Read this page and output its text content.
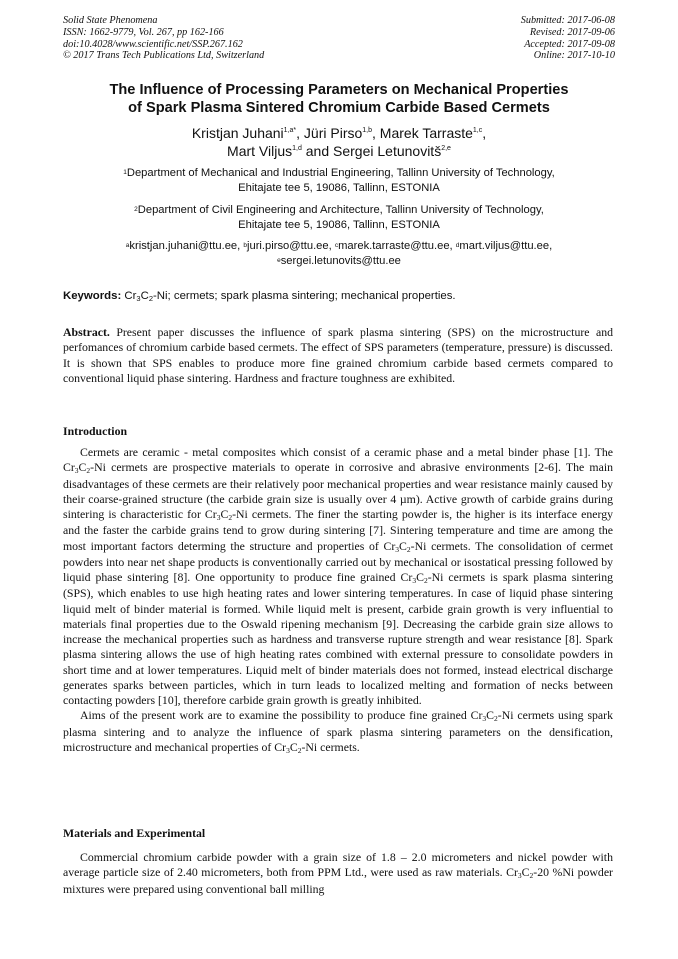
Solid State Phenomena
ISSN: 1662-9779, Vol. 267, pp 162-166
doi:10.4028/www.scientific.net/SSP.267.162
© 2017 Trans Tech Publications Ltd, Switzerland
Submitted: 2017-06-08
Revised: 2017-09-06
Accepted: 2017-09-08
Online: 2017-10-10
The Influence of Processing Parameters on Mechanical Properties
of Spark Plasma Sintered Chromium Carbide Based Cermets
Kristjan Juhani$^{1,a*}$, Jüri Pirso$^{1,b}$, Marek Tarraste$^{1,c}$,
Mart Viljus$^{1,d}$ and Sergei Letunovitš$^{2,e}$
$^1$Department of Mechanical and Industrial Engineering, Tallinn University of Technology,
Ehitajate tee 5, 19086, Tallinn, ESTONIA
$^2$Department of Civil Engineering and Architecture, Tallinn University of Technology,
Ehitajate tee 5, 19086, Tallinn, ESTONIA
$^a$kristjan.juhani@ttu.ee, $^b$juri.pirso@ttu.ee, $^c$marek.tarraste@ttu.ee, $^d$mart.viljus@ttu.ee,
$^e$sergei.letunovits@ttu.ee
Keywords: $Cr_3C_2-Ni$; cermets; spark plasma sintering; mechanical properties.

Abstract. Present paper discusses the influence of spark plasma sintering (SPS) on the microstructure and perfomances of chromium carbide based cermets. The effect of SPS parameters (temperature, pressure) is discussed. It is shown that SPS enables to produce more fine grained chromium carbide based cermets compared to conventional liquid phase sintering. Hardness and fracture toughness are exhibited.

Introduction

Cermets are ceramic - metal composites which consist of a ceramic phase and a metal binder phase [1]. The $Cr_3C_2-Ni$ cermets are prospective materials to operate in corrosive and abrasive environments [2-6]. The main disadvantages of these cermets are their relatively poor mechanical properties and wear resistance mainly caused by their coarse-grained structure (the carbide grain size is usually over 4 µm). Active growth of carbide grains during sintering is characteristic for $Cr_3C_2-Ni$ cermets. The finer the starting powder is, the higher is its interface energy and the faster the carbide grains tend to grow during sintering [7]. Sintering temperature and time are among the most important factors determing the structure and properties of $Cr_3C_2-Ni$ cermets. The consolidation of cermet powders into near net shape products is conventionally carried out by mechanical or isostatical pressing followed by liquid phase sintering [8]. One opportunity to produce fine grained $Cr_3C_2-Ni$ cermets is spark plasma sintering (SPS), which enables to use high heating rates and lower sintering temperatures. In case of liquid phase sintering liquid melt of binder material is formed. While liquid melt is present, carbide grain growth is very influential to materials final properties due to the Oswald ripening mechanism [9]. Decreasing the carbide grain size allows to increase the mechanical properties such as hardness and transverse rupture strength and wear resistance [8]. Spark plasma sintering allows the use of high heating rates combined with external pressure to consolidate powders in short time and at lower temperatures. Liquid melt of binder materials does not formed, instead electrical discharge generates sparks between particles, which in turn leads to localized melting and formation of necks between contacting powders [10], therefore carbide grain growth is greatly inhibited.

Aims of the present work are to examine the possibility to produce fine grained $Cr_3C_2-Ni$ cermets using spark plasma sintering and to analyze the influence of spark plasma sintering parameters on the densification, microstructure and mechanical properties of $Cr_3C_2-Ni$ cermets.

Materials and Experimental

Commercial chromium carbide powder with a grain size of 1.8 – 2.0 micrometers and nickel powder with average particle size of 2.40 micrometers, both from PPM Ltd., were used as raw materials. $Cr_3C_2-20$ %Ni powder mixtures were prepared using conventional ball milling
